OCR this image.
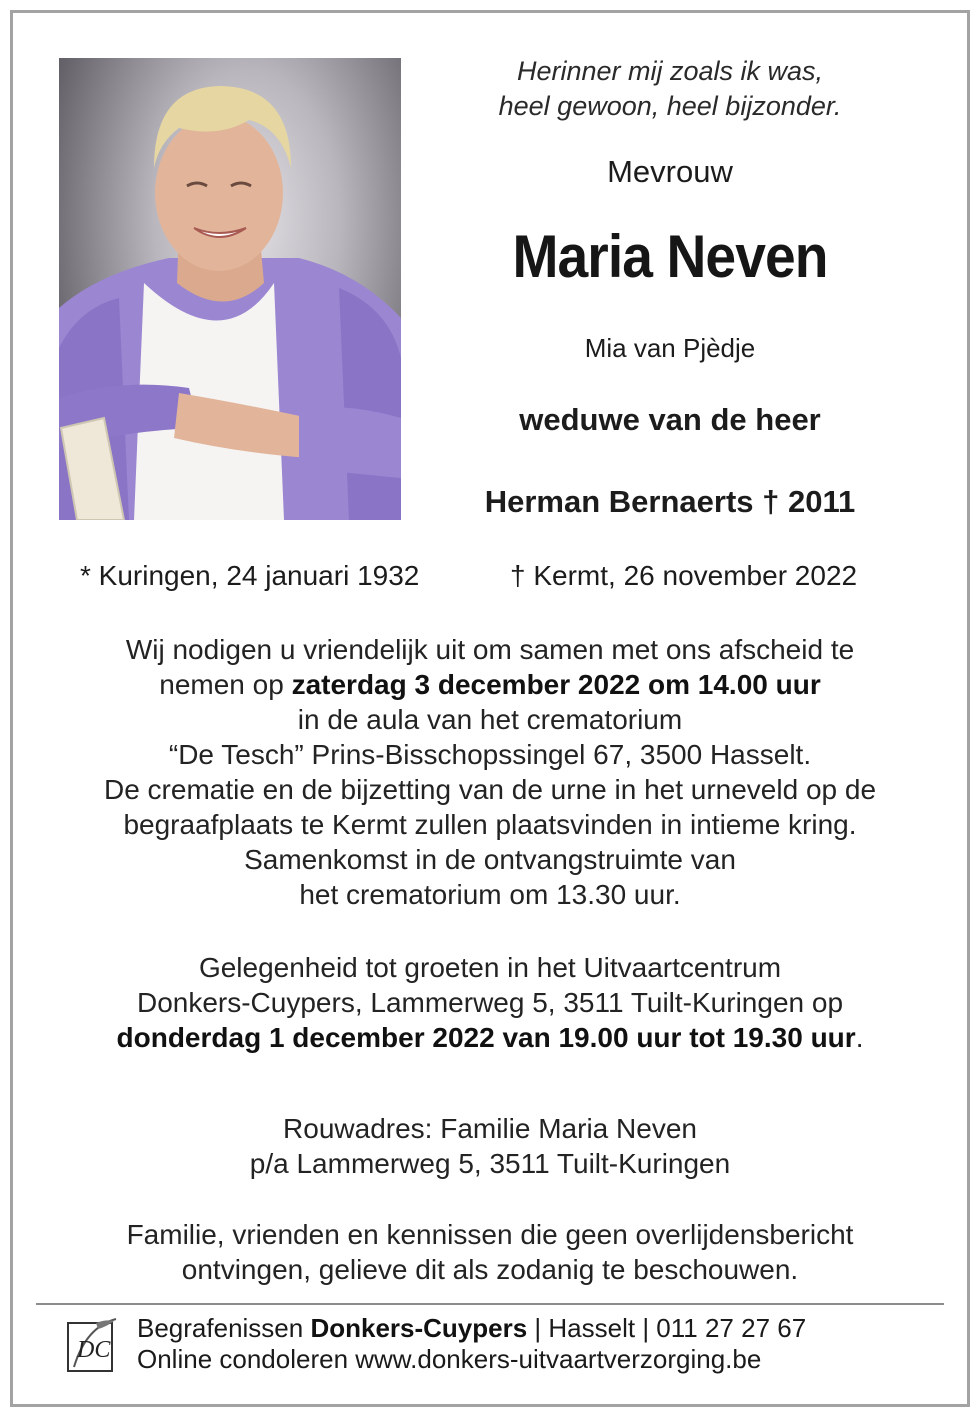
Herinner mij zoals ik was,
heel gewoon, heel bijzonder.
Mevrouw
Maria Neven
Mia van Pjèdje
weduwe van de heer
Herman Bernaerts † 2011
* Kuringen, 24 januari 1932	† Kermt, 26 november 2022

Wij nodigen u vriendelijk uit om samen met ons afscheid te

nemen op zaterdag 3 december 2022 om 14.00 uur

in de aula van het crematorium

“De Tesch” Prins-Bisschopssingel 67, 3500 Hasselt.

De crematie en de bijzetting van de urne in het urneveld op de

begraafplaats te Kermt zullen plaatsvinden in intieme kring.

Samenkomst in de ontvangstruimte van

het crematorium om 13.30 uur.

Gelegenheid tot groeten in het Uitvaartcentrum

Donkers-Cuypers, Lammerweg 5, 3511 Tuilt-Kuringen op

donderdag 1 december 2022 van 19.00 uur tot 19.30 uur.

Rouwadres: Familie Maria Neven

p/a Lammerweg 5, 3511 Tuilt-Kuringen

Familie, vrienden en kennissen die geen overlijdensbericht

ontvingen, gelieve dit als zodanig te beschouwen.

DC
Begrafenissen Donkers-Cuypers | Hasselt | 011 27 27 67
Online condoleren www.donkers-uitvaartverzorging.be
